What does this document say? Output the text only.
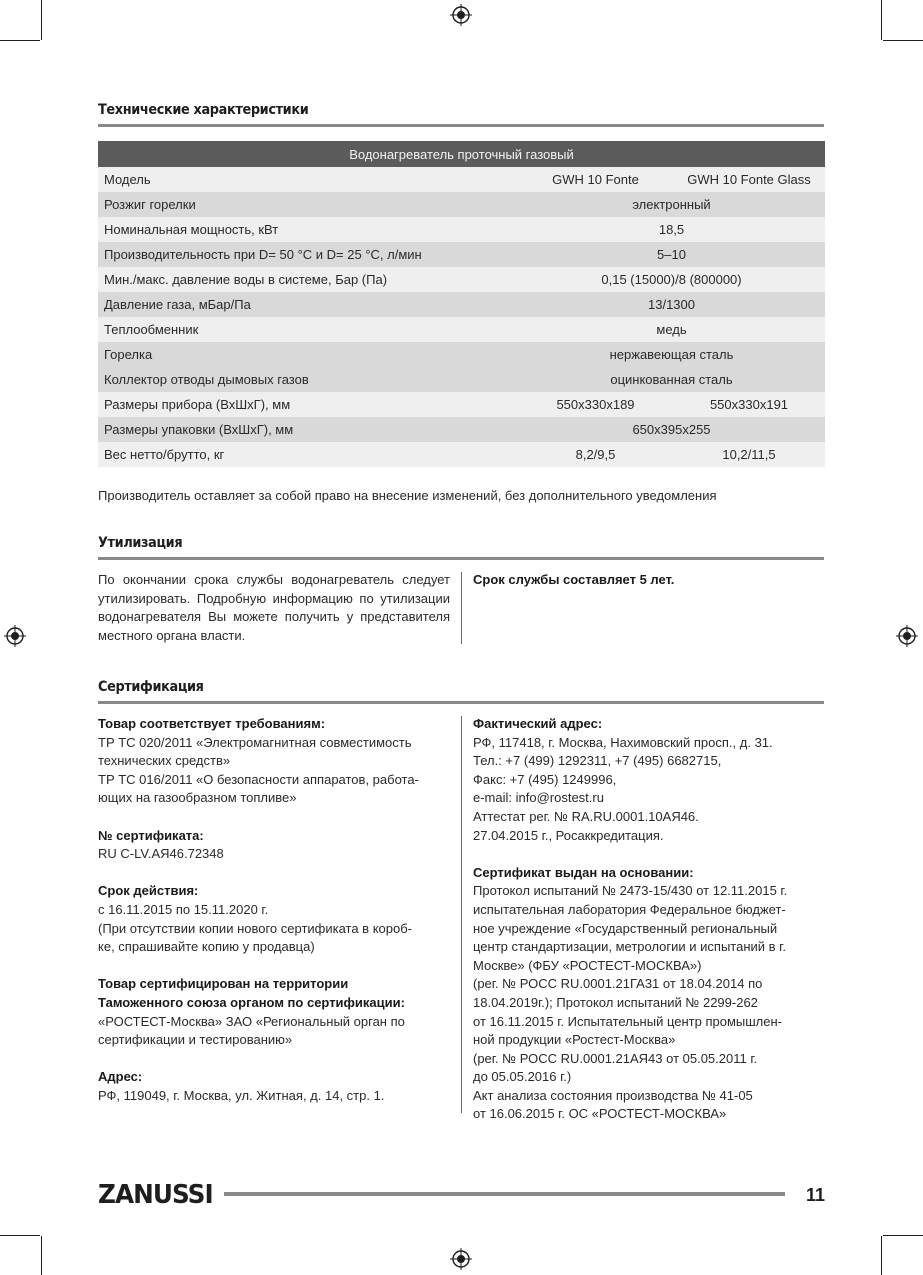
Технические характеристики
Водонагреватель проточный газовый
Модель	GWH 10 Fonte	GWH 10 Fonte Glass
Розжиг горелки	электронный
Номинальная мощность, кВт	18,5
Производительность при D= 50 °С и D= 25 °С, л/мин	5–10
Мин./макс. давление воды в системе, Бар (Па)	0,15 (15000)/8 (800000)
Давление газа, мБар/Па	13/1300
Теплообменник	медь
Горелка	нержавеющая сталь
Коллектор отводы дымовых газов	оцинкованная сталь
Размеры прибора (ВхШхГ), мм	550х330х189	550х330х191
Размеры упаковки (ВхШхГ), мм	650х395х255
Вес нетто/брутто, кг	8,2/9,5	10,2/11,5
Производитель оставляет за собой право на внесение изменений, без дополнительного уведомления
Утилизация

По окончании срока службы водонагреватель следует утилизировать. Подробную информацию по утилизации водонагревателя Вы можете получить у представителя местного органа власти.

Срок службы составляет 5 лет.

Сертификация

Товар соответствует требованиям:

ТР ТС 020/2011 «Электромагнитная совместимость

технических средств»

ТР ТС 016/2011 «О безопасности аппаратов, работа-

ющих на газообразном топливе»

№ сертификата:

RU С-LV.АЯ46.72348

Срок действия:

с 16.11.2015 по 15.11.2020 г.

(При отсутствии копии нового сертификата в короб-

ке, спрашивайте копию у продавца)

Товар сертифицирован на территории

Таможенного союза органом по сертификации:

«РОСТЕСТ-Москва» ЗАО «Региональный орган по

сертификации и тестированию»

Адрес:

РФ, 119049, г. Москва, ул. Житная, д. 14, стр. 1.

Фактический адрес:

РФ, 117418, г. Москва, Нахимовский просп., д. 31.

Тел.: +7 (499) 1292311, +7 (495) 6682715,

Факс: +7 (495) 1249996,

e-mail: info@rostest.ru

Аттестат рег. № RA.RU.0001.10АЯ46.

27.04.2015 г., Росаккредитация.

Сертификат выдан на основании:

Протокол испытаний № 2473-15/430 от 12.11.2015 г.

испытательная лаборатория Федеральное бюджет-

ное учреждение «Государственный региональный

центр стандартизации, метрологии и испытаний в г.

Москве» (ФБУ «РОСТЕСТ-МОСКВА»)

(рег. № РОСС RU.0001.21ГА31 от 18.04.2014 по

18.04.2019г.); Протокол испытаний № 2299-262

от 16.11.2015 г. Испытательный центр промышлен-

ной продукции «Ростест-Москва»

(рег. № РОСС RU.0001.21АЯ43 от 05.05.2011 г.

до 05.05.2016 г.)

Акт анализа состояния производства № 41-05

от 16.06.2015 г. ОС «РОСТЕСТ-МОСКВА»

ZANUSSI	11
